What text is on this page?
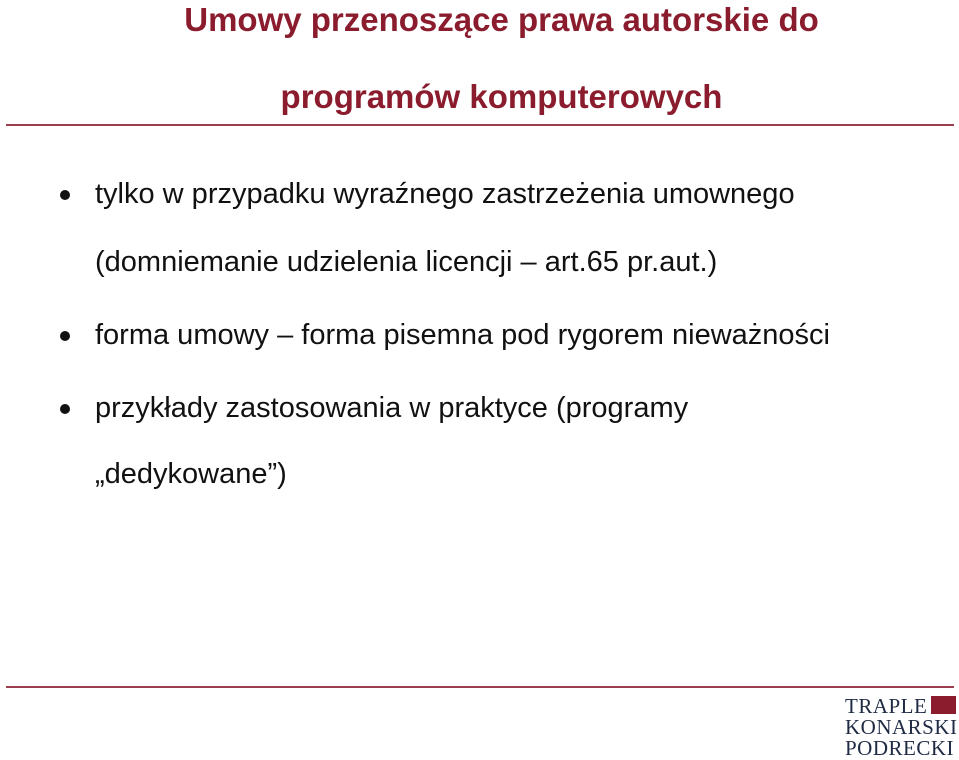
Umowy przenoszące prawa autorskie do
programów komputerowych
tylko w przypadku wyraźnego zastrzeżenia umownego
(domniemanie udzielenia licencji – art.65 pr.aut.)
forma umowy – forma pisemna pod rygorem nieważności
przykłady zastosowania w praktyce (programy
„dedykowane”)
TRAPLE
KONARSKI
PODRECKI
